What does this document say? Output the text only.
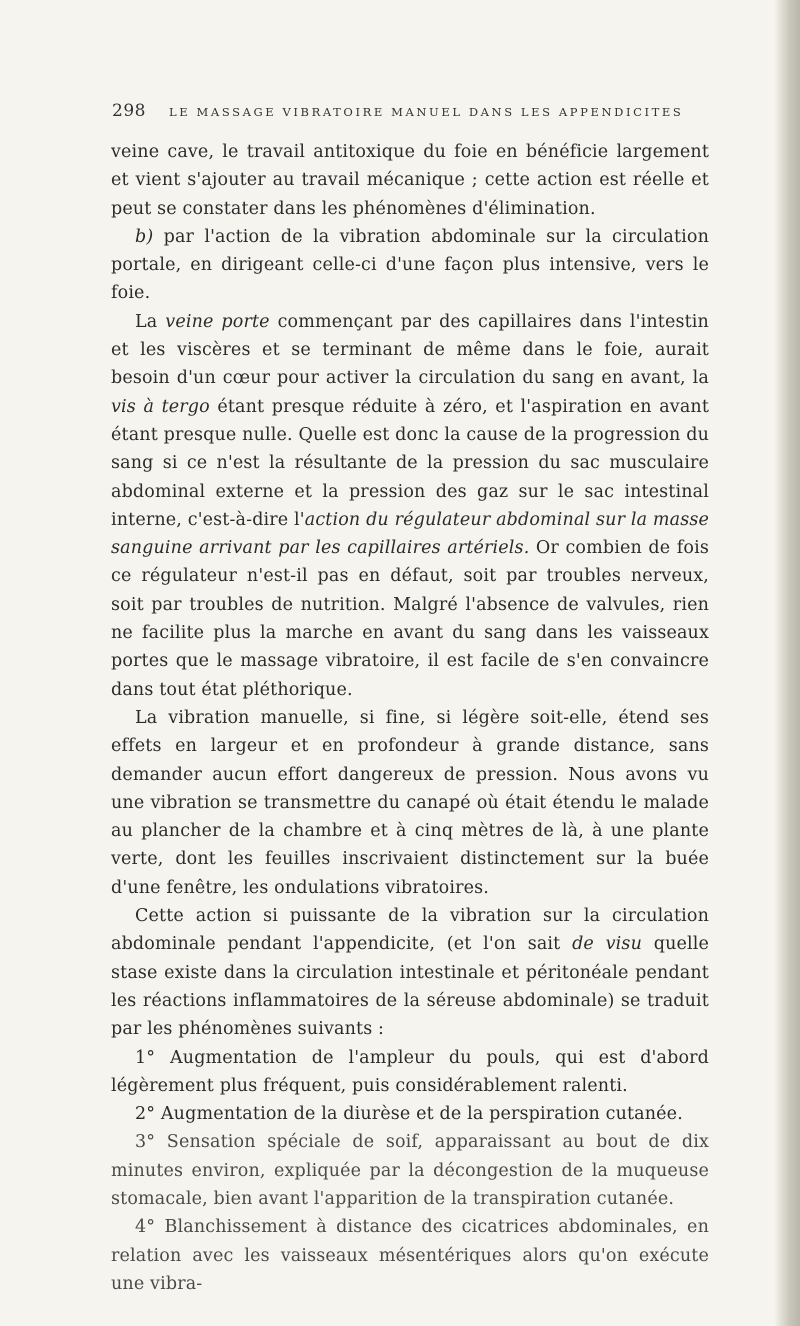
298 LE MASSAGE VIBRATOIRE MANUEL DANS LES APPENDICITES

veine cave, le travail antitoxique du foie en bénéficie largement et vient s'ajouter au travail mécanique ; cette action est réelle et peut se constater dans les phénomènes d'élimination.

b) par l'action de la vibration abdominale sur la circulation portale, en dirigeant celle-ci d'une façon plus intensive, vers le foie.

La veine porte commençant par des capillaires dans l'intestin et les viscères et se terminant de même dans le foie, aurait besoin d'un cœur pour activer la circulation du sang en avant, la vis à tergo étant presque réduite à zéro, et l'aspiration en avant étant presque nulle. Quelle est donc la cause de la progression du sang si ce n'est la résultante de la pression du sac musculaire abdominal externe et la pression des gaz sur le sac intestinal interne, c'est-à-dire l'action du régulateur abdominal sur la masse sanguine arrivant par les capillaires artériels. Or combien de fois ce régulateur n'est-il pas en défaut, soit par troubles nerveux, soit par troubles de nutrition. Malgré l'absence de valvules, rien ne facilite plus la marche en avant du sang dans les vaisseaux portes que le massage vibratoire, il est facile de s'en convaincre dans tout état pléthorique.

La vibration manuelle, si fine, si légère soit-elle, étend ses effets en largeur et en profondeur à grande distance, sans demander aucun effort dangereux de pression. Nous avons vu une vibration se transmettre du canapé où était étendu le malade au plancher de la chambre et à cinq mètres de là, à une plante verte, dont les feuilles inscrivaient distinctement sur la buée d'une fenêtre, les ondulations vibratoires.

Cette action si puissante de la vibration sur la circulation abdominale pendant l'appendicite, (et l'on sait de visu quelle stase existe dans la circulation intestinale et péritonéale pendant les réactions inflammatoires de la séreuse abdominale) se traduit par les phénomènes suivants :

1° Augmentation de l'ampleur du pouls, qui est d'abord légèrement plus fréquent, puis considérablement ralenti.

2° Augmentation de la diurèse et de la perspiration cutanée.

3° Sensation spéciale de soif, apparaissant au bout de dix minutes environ, expliquée par la décongestion de la muqueuse stomacale, bien avant l'apparition de la transpiration cutanée.

4° Blanchissement à distance des cicatrices abdominales, en relation avec les vaisseaux mésentériques alors qu'on exécute une vibra-
